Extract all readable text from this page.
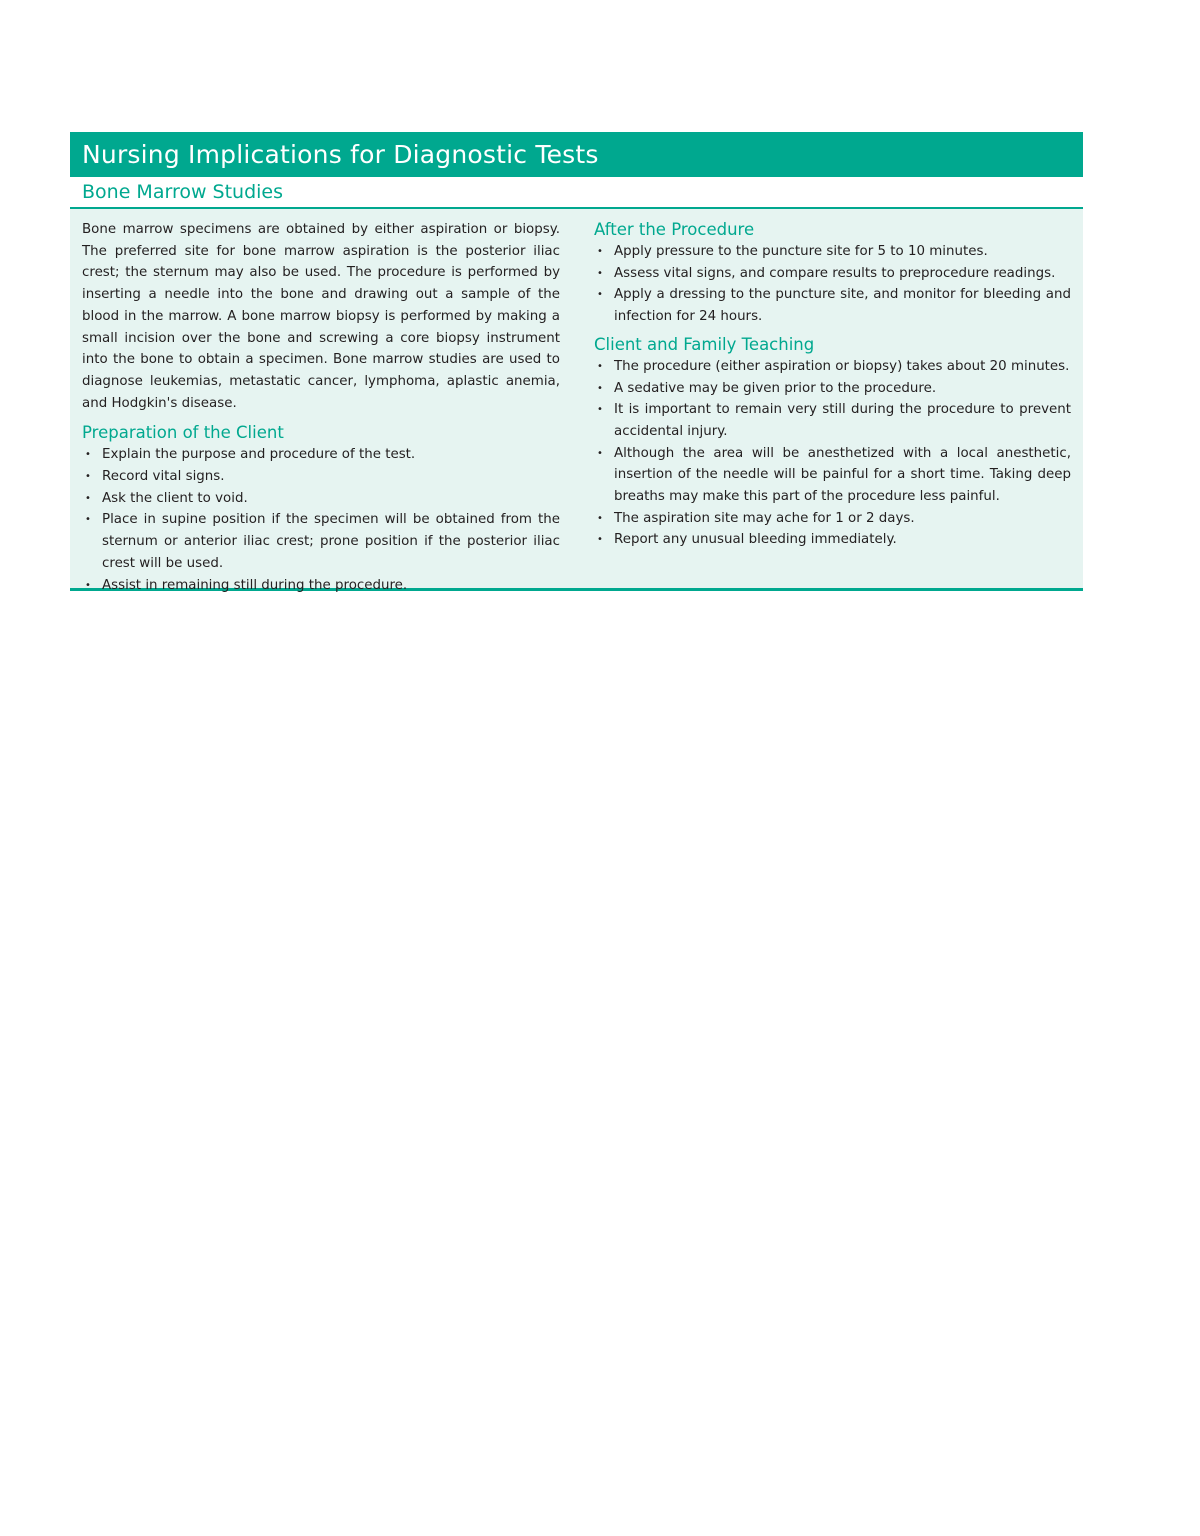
Nursing Implications for Diagnostic Tests
Bone Marrow Studies

Bone marrow specimens are obtained by either aspiration or biopsy. The preferred site for bone marrow aspiration is the posterior iliac crest; the sternum may also be used. The procedure is performed by inserting a needle into the bone and drawing out a sample of the blood in the marrow. A bone marrow biopsy is performed by making a small incision over the bone and screwing a core biopsy instrument into the bone to obtain a specimen. Bone marrow studies are used to diagnose leukemias, metastatic cancer, lymphoma, aplastic anemia, and Hodgkin's disease.

Preparation of the Client
• Explain the purpose and procedure of the test.
• Record vital signs.
• Ask the client to void.
• Place in supine position if the specimen will be obtained from the sternum or anterior iliac crest; prone position if the posterior iliac crest will be used.
• Assist in remaining still during the procedure.
After the Procedure
• Apply pressure to the puncture site for 5 to 10 minutes.
• Assess vital signs, and compare results to preprocedure readings.
• Apply a dressing to the puncture site, and monitor for bleeding and infection for 24 hours.
Client and Family Teaching
• The procedure (either aspiration or biopsy) takes about 20 minutes.
• A sedative may be given prior to the procedure.
• It is important to remain very still during the procedure to prevent accidental injury.
• Although the area will be anesthetized with a local anesthetic, insertion of the needle will be painful for a short time. Taking deep breaths may make this part of the procedure less painful.
• The aspiration site may ache for 1 or 2 days.
• Report any unusual bleeding immediately.
